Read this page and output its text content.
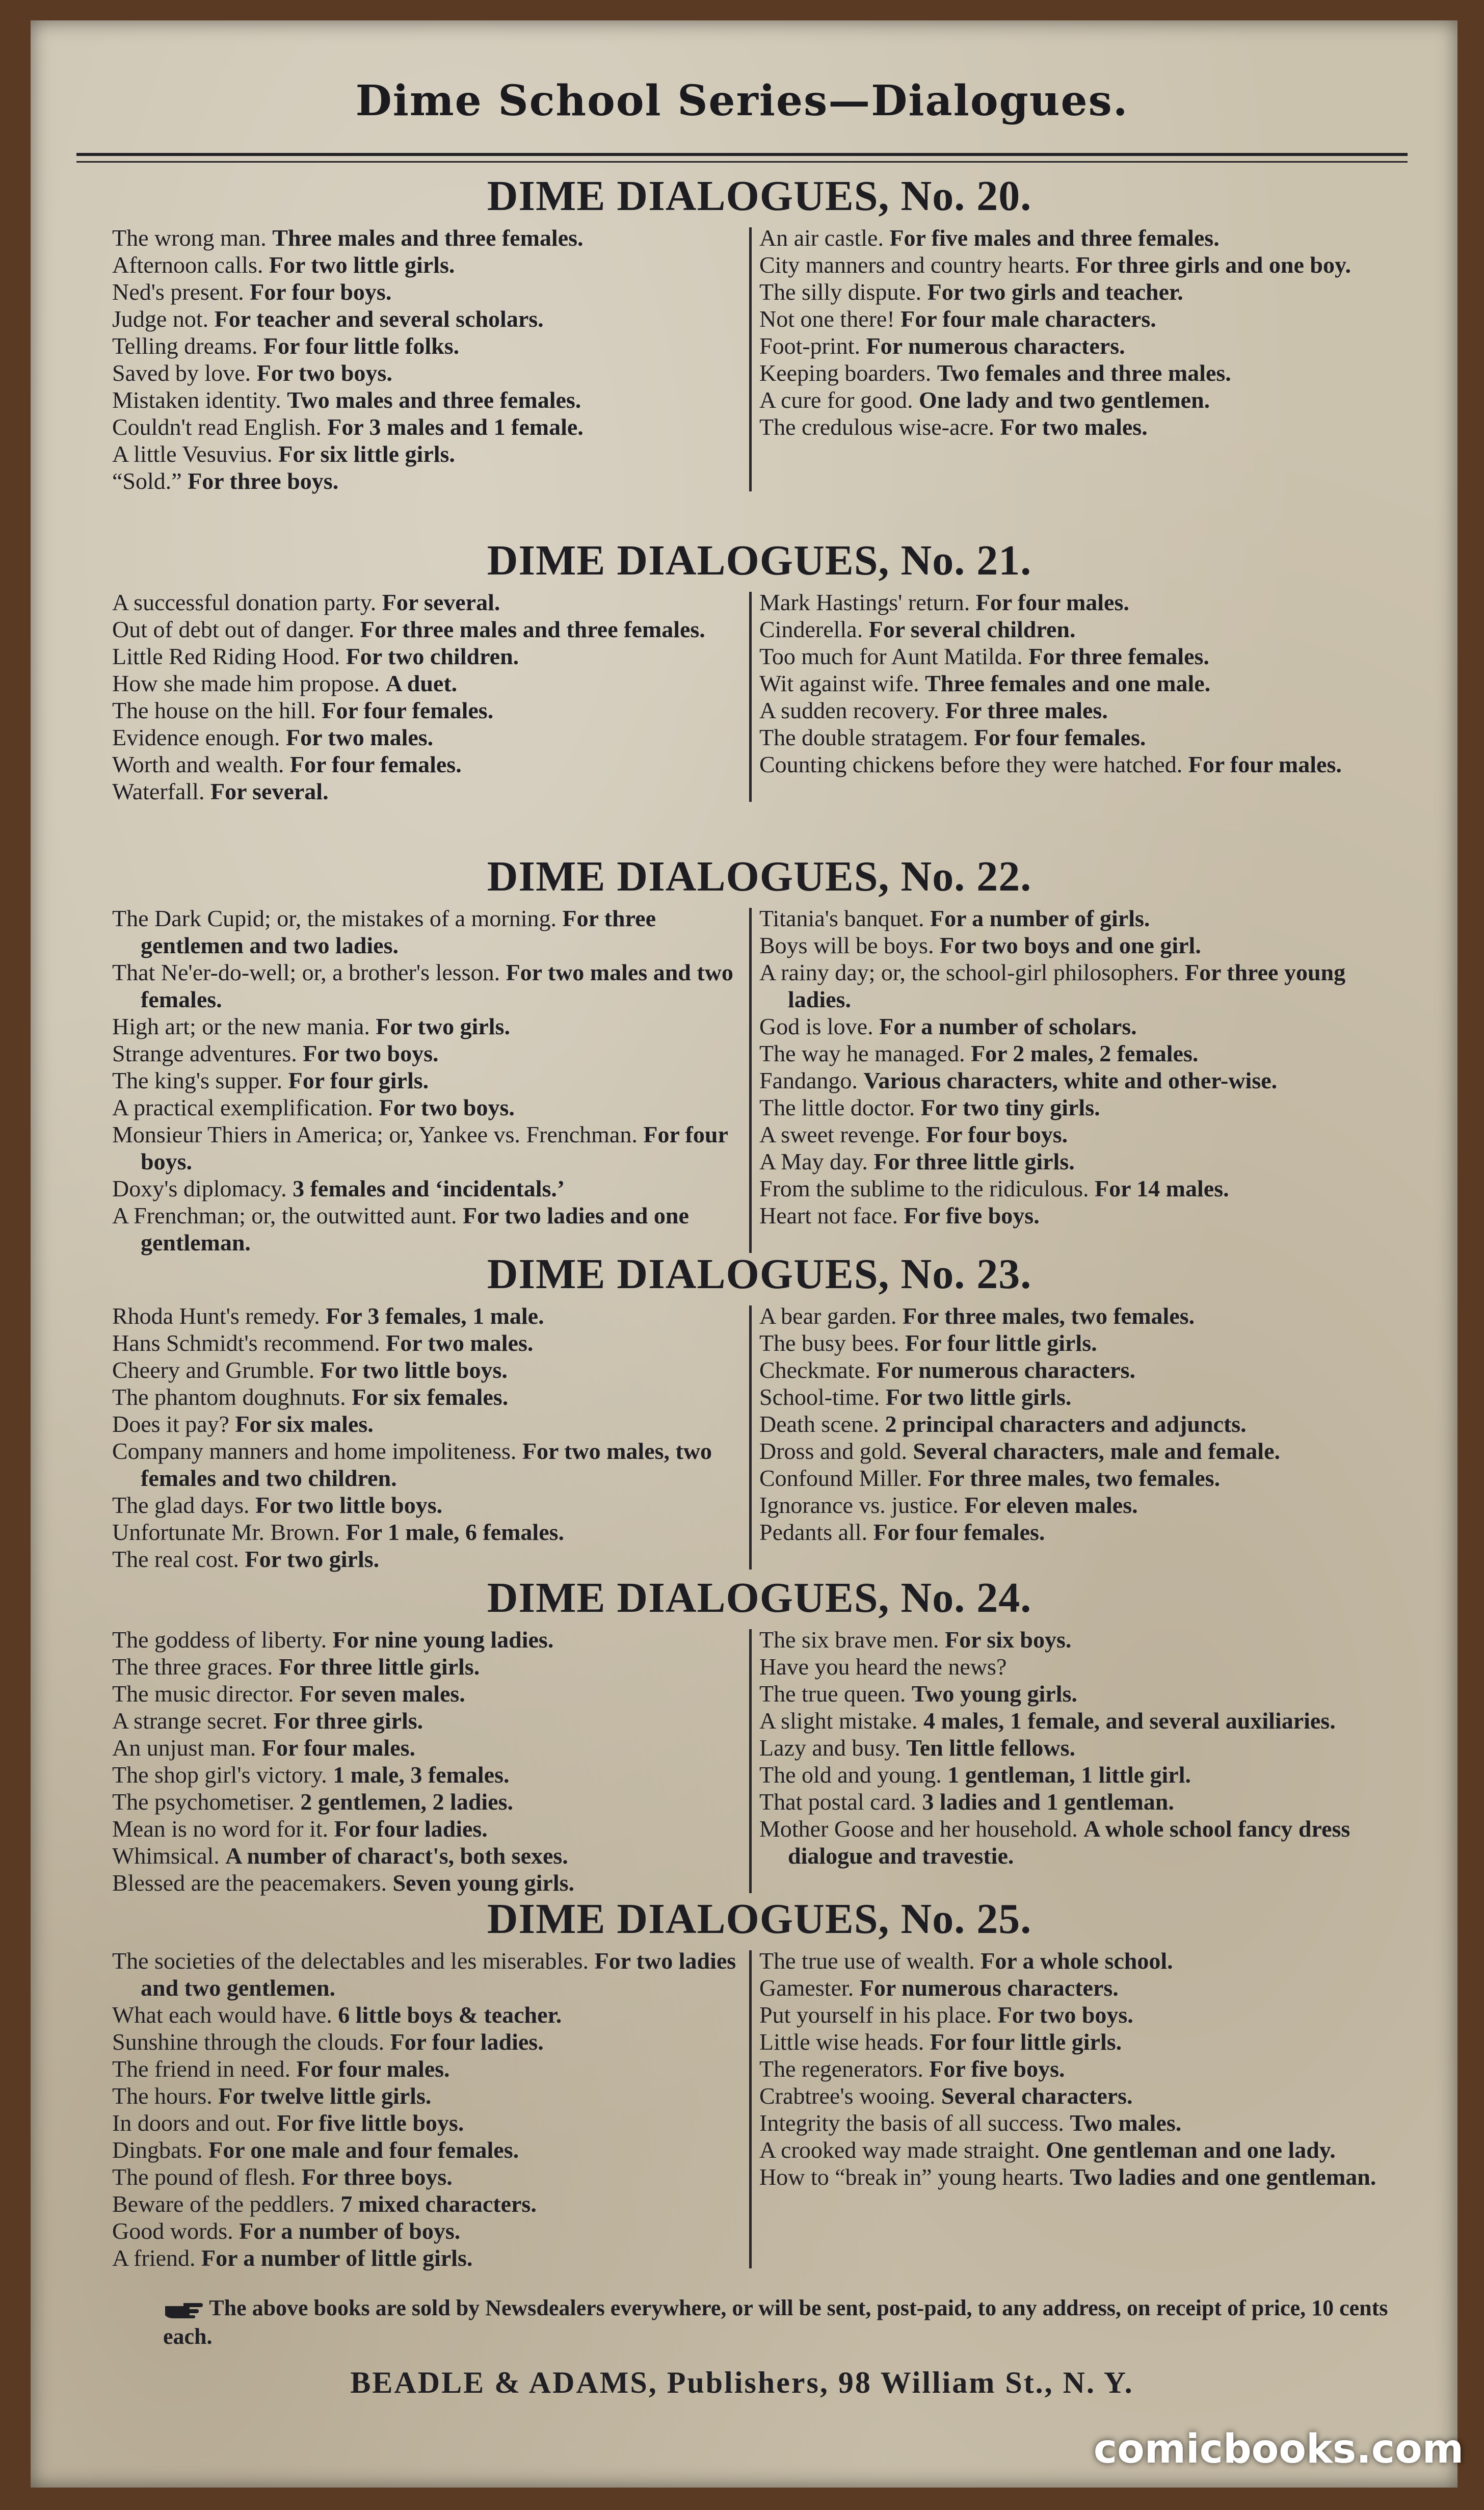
Dime School Series—Dialogues.
DIME DIALOGUES, No. 20.
The wrong man. Three males and three females.
Afternoon calls. For two little girls.
Ned's present. For four boys.
Judge not. For teacher and several scholars.
Telling dreams. For four little folks.
Saved by love. For two boys.
Mistaken identity. Two males and three females.
Couldn't read English. For 3 males and 1 female.
A little Vesuvius. For six little girls.
“Sold.” For three boys.
An air castle. For five males and three females.
City manners and country hearts. For three girls and one boy.
The silly dispute. For two girls and teacher.
Not one there! For four male characters.
Foot-print. For numerous characters.
Keeping boarders. Two females and three males.
A cure for good. One lady and two gentlemen.
The credulous wise-acre. For two males.
DIME DIALOGUES, No. 21.
A successful donation party. For several.
Out of debt out of danger. For three males and three females.
Little Red Riding Hood. For two children.
How she made him propose. A duet.
The house on the hill. For four females.
Evidence enough. For two males.
Worth and wealth. For four females.
Waterfall. For several.
Mark Hastings' return. For four males.
Cinderella. For several children.
Too much for Aunt Matilda. For three females.
Wit against wife. Three females and one male.
A sudden recovery. For three males.
The double stratagem. For four females.
Counting chickens before they were hatched. For four males.
DIME DIALOGUES, No. 22.
The Dark Cupid; or, the mistakes of a morning. For three gentlemen and two ladies.
That Ne'er-do-well; or, a brother's lesson. For two males and two females.
High art; or the new mania. For two girls.
Strange adventures. For two boys.
The king's supper. For four girls.
A practical exemplification. For two boys.
Monsieur Thiers in America; or, Yankee vs. Frenchman. For four boys.
Doxy's diplomacy. 3 females and ‘incidentals.’
A Frenchman; or, the outwitted aunt. For two ladies and one gentleman.
Titania's banquet. For a number of girls.
Boys will be boys. For two boys and one girl.
A rainy day; or, the school-girl philosophers. For three young ladies.
God is love. For a number of scholars.
The way he managed. For 2 males, 2 females.
Fandango. Various characters, white and other-wise.
The little doctor. For two tiny girls.
A sweet revenge. For four boys.
A May day. For three little girls.
From the sublime to the ridiculous. For 14 males.
Heart not face. For five boys.
DIME DIALOGUES, No. 23.
Rhoda Hunt's remedy. For 3 females, 1 male.
Hans Schmidt's recommend. For two males.
Cheery and Grumble. For two little boys.
The phantom doughnuts. For six females.
Does it pay? For six males.
Company manners and home impoliteness. For two males, two females and two children.
The glad days. For two little boys.
Unfortunate Mr. Brown. For 1 male, 6 females.
The real cost. For two girls.
A bear garden. For three males, two females.
The busy bees. For four little girls.
Checkmate. For numerous characters.
School-time. For two little girls.
Death scene. 2 principal characters and adjuncts.
Dross and gold. Several characters, male and female.
Confound Miller. For three males, two females.
Ignorance vs. justice. For eleven males.
Pedants all. For four females.
DIME DIALOGUES, No. 24.
The goddess of liberty. For nine young ladies.
The three graces. For three little girls.
The music director. For seven males.
A strange secret. For three girls.
An unjust man. For four males.
The shop girl's victory. 1 male, 3 females.
The psychometiser. 2 gentlemen, 2 ladies.
Mean is no word for it. For four ladies.
Whimsical. A number of charact's, both sexes.
Blessed are the peacemakers. Seven young girls.
The six brave men. For six boys.
Have you heard the news?
The true queen. Two young girls.
A slight mistake. 4 males, 1 female, and several auxiliaries.
Lazy and busy. Ten little fellows.
The old and young. 1 gentleman, 1 little girl.
That postal card. 3 ladies and 1 gentleman.
Mother Goose and her household. A whole school fancy dress dialogue and travestie.
DIME DIALOGUES, No. 25.
The societies of the delectables and les miserables. For two ladies and two gentlemen.
What each would have. 6 little boys & teacher.
Sunshine through the clouds. For four ladies.
The friend in need. For four males.
The hours. For twelve little girls.
In doors and out. For five little boys.
Dingbats. For one male and four females.
The pound of flesh. For three boys.
Beware of the peddlers. 7 mixed characters.
Good words. For a number of boys.
A friend. For a number of little girls.
The true use of wealth. For a whole school.
Gamester. For numerous characters.
Put yourself in his place. For two boys.
Little wise heads. For four little girls.
The regenerators. For five boys.
Crabtree's wooing. Several characters.
Integrity the basis of all success. Two males.
A crooked way made straight. One gentleman and one lady.
How to “break in” young hearts. Two ladies and one gentleman.
The above books are sold by Newsdealers everywhere, or will be sent, post-paid, to any address, on receipt of price, 10 cents each.
BEADLE & ADAMS, Publishers, 98 William St., N. Y.
comicbooks.com
